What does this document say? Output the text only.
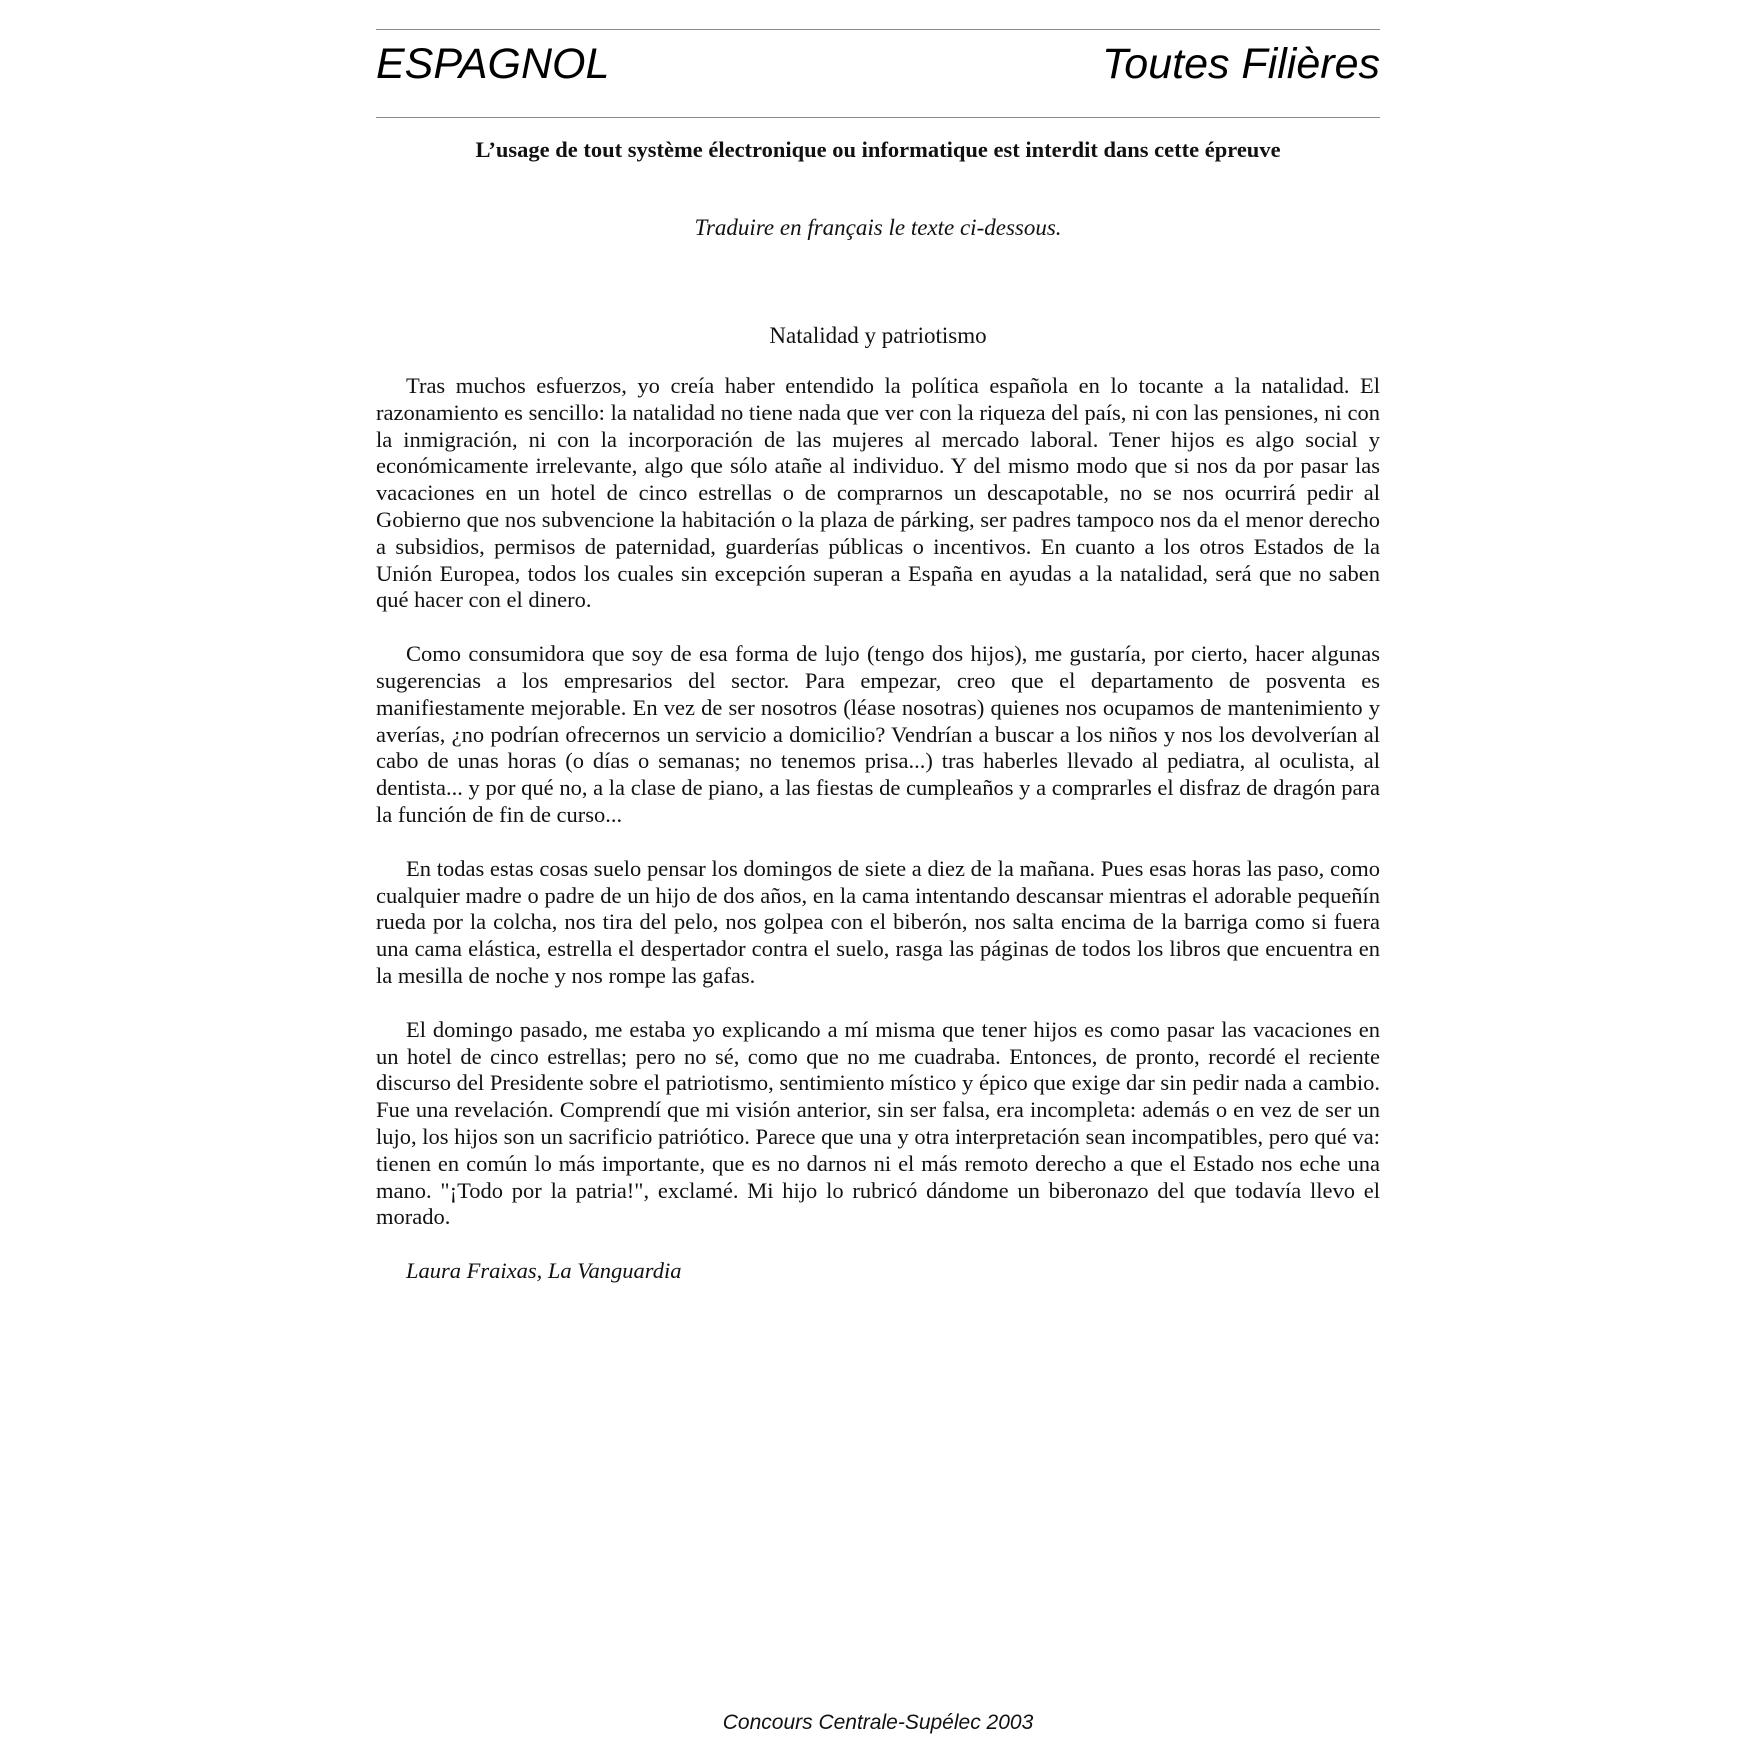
ESPAGNOL	Toutes Filières
L’usage de tout système électronique ou informatique est interdit dans cette épreuve
Traduire en français le texte ci-dessous.
Natalidad y patriotismo

Tras muchos esfuerzos, yo creía haber entendido la política española en lo tocante a la natalidad. El razonamiento es sencillo: la natalidad no tiene nada que ver con la riqueza del país, ni con las pensiones, ni con la inmigración, ni con la incorporación de las mujeres al mercado laboral. Tener hijos es algo social y económicamente irrelevante, algo que sólo atañe al individuo. Y del mismo modo que si nos da por pasar las vacaciones en un hotel de cinco estrellas o de comprarnos un descapotable, no se nos ocurrirá pedir al Gobierno que nos subvencione la habitación o la plaza de párking, ser padres tampoco nos da el menor derecho a subsidios, permisos de paternidad, guarderías públicas o incentivos. En cuanto a los otros Estados de la Unión Europea, todos los cuales sin excepción superan a España en ayudas a la natalidad, será que no saben qué hacer con el dinero.

Como consumidora que soy de esa forma de lujo (tengo dos hijos), me gustaría, por cierto, hacer algunas sugerencias a los empresarios del sector. Para empezar, creo que el departamento de posventa es manifiestamente mejorable. En vez de ser nosotros (léase nosotras) quienes nos ocupamos de mantenimiento y averías, ¿no podrían ofrecernos un servicio a domicilio? Vendrían a buscar a los niños y nos los devolverían al cabo de unas horas (o días o semanas; no tenemos prisa...) tras haberles llevado al pediatra, al oculista, al dentista... y por qué no, a la clase de piano, a las fiestas de cumpleaños y a comprarles el disfraz de dragón para la función de fin de curso...

En todas estas cosas suelo pensar los domingos de siete a diez de la mañana. Pues esas horas las paso, como cualquier madre o padre de un hijo de dos años, en la cama intentando descansar mientras el adorable pequeñín rueda por la colcha, nos tira del pelo, nos golpea con el biberón, nos salta encima de la barriga como si fuera una cama elástica, estrella el despertador contra el suelo, rasga las páginas de todos los libros que encuentra en la mesilla de noche y nos rompe las gafas.

El domingo pasado, me estaba yo explicando a mí misma que tener hijos es como pasar las vacaciones en un hotel de cinco estrellas; pero no sé, como que no me cuadraba. Entonces, de pronto, recordé el reciente discurso del Presidente sobre el patriotismo, sentimiento místico y épico que exige dar sin pedir nada a cambio. Fue una revelación. Comprendí que mi visión anterior, sin ser falsa, era incompleta: además o en vez de ser un lujo, los hijos son un sacrificio patriótico. Parece que una y otra interpretación sean incompatibles, pero qué va: tienen en común lo más importante, que es no darnos ni el más remoto derecho a que el Estado nos eche una mano. "¡Todo por la patria!", exclamé. Mi hijo lo rubricó dándome un biberonazo del que todavía llevo el morado.

Laura Fraixas, La Vanguardia

Concours Centrale-Supélec 2003
